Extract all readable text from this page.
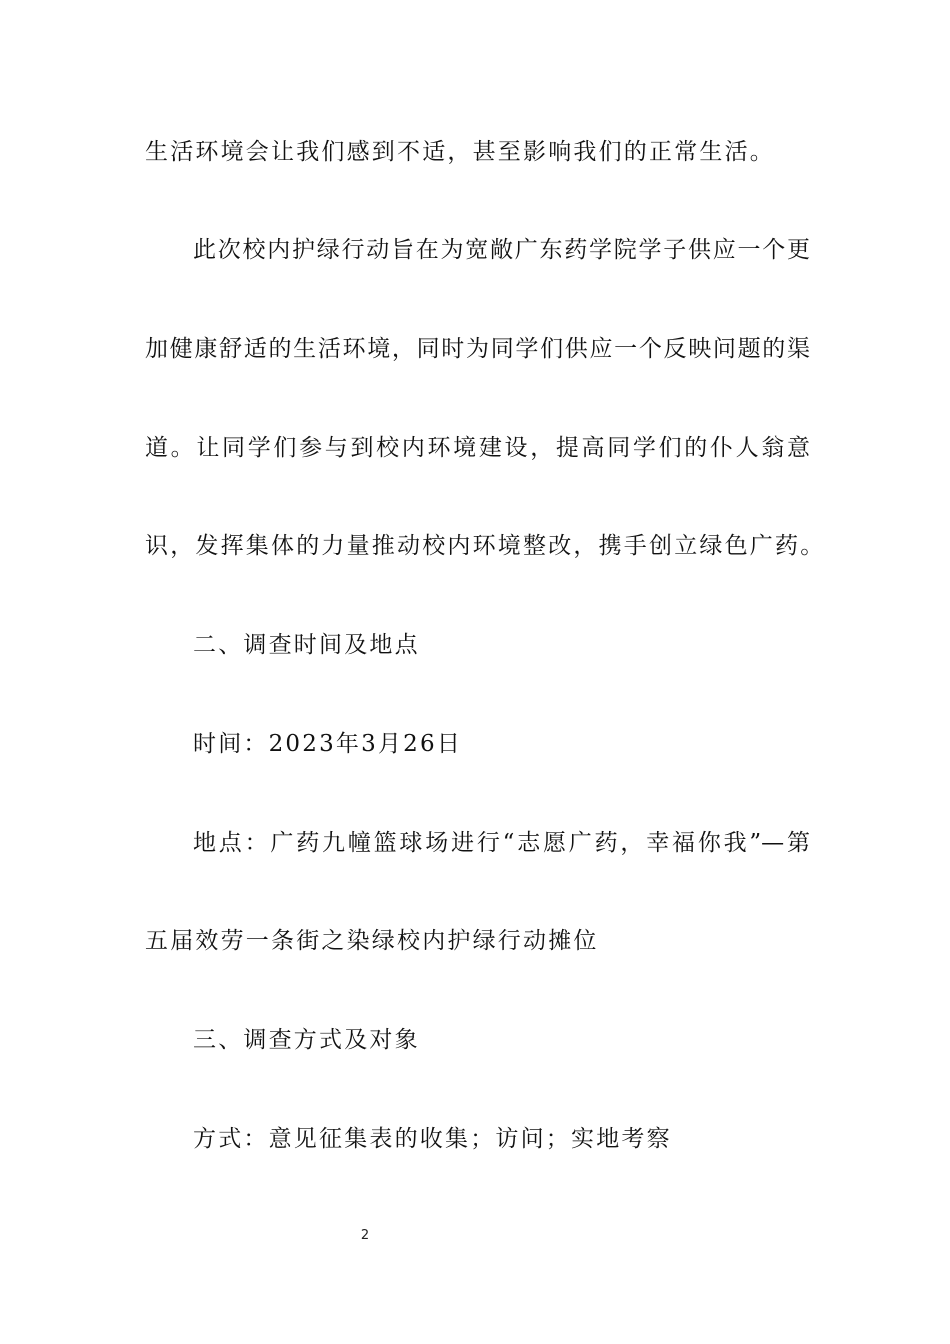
生活环境会让我们感到不适，甚至影响我们的正常生活。
此次校内护绿行动旨在为宽敞广东药学院学子供应一个更
加健康舒适的生活环境，同时为同学们供应一个反映问题的渠
道。让同学们参与到校内环境建设，提高同学们的仆人翁意
识，发挥集体的力量推动校内环境整改，携手创立绿色广药。
二、调查时间及地点
时间：2023年3月26日
地点：广药九幢篮球场进行“志愿广药，幸福你我”—第
五届效劳一条街之染绿校内护绿行动摊位
三、调查方式及对象
方式：意见征集表的收集；访问；实地考察
2
